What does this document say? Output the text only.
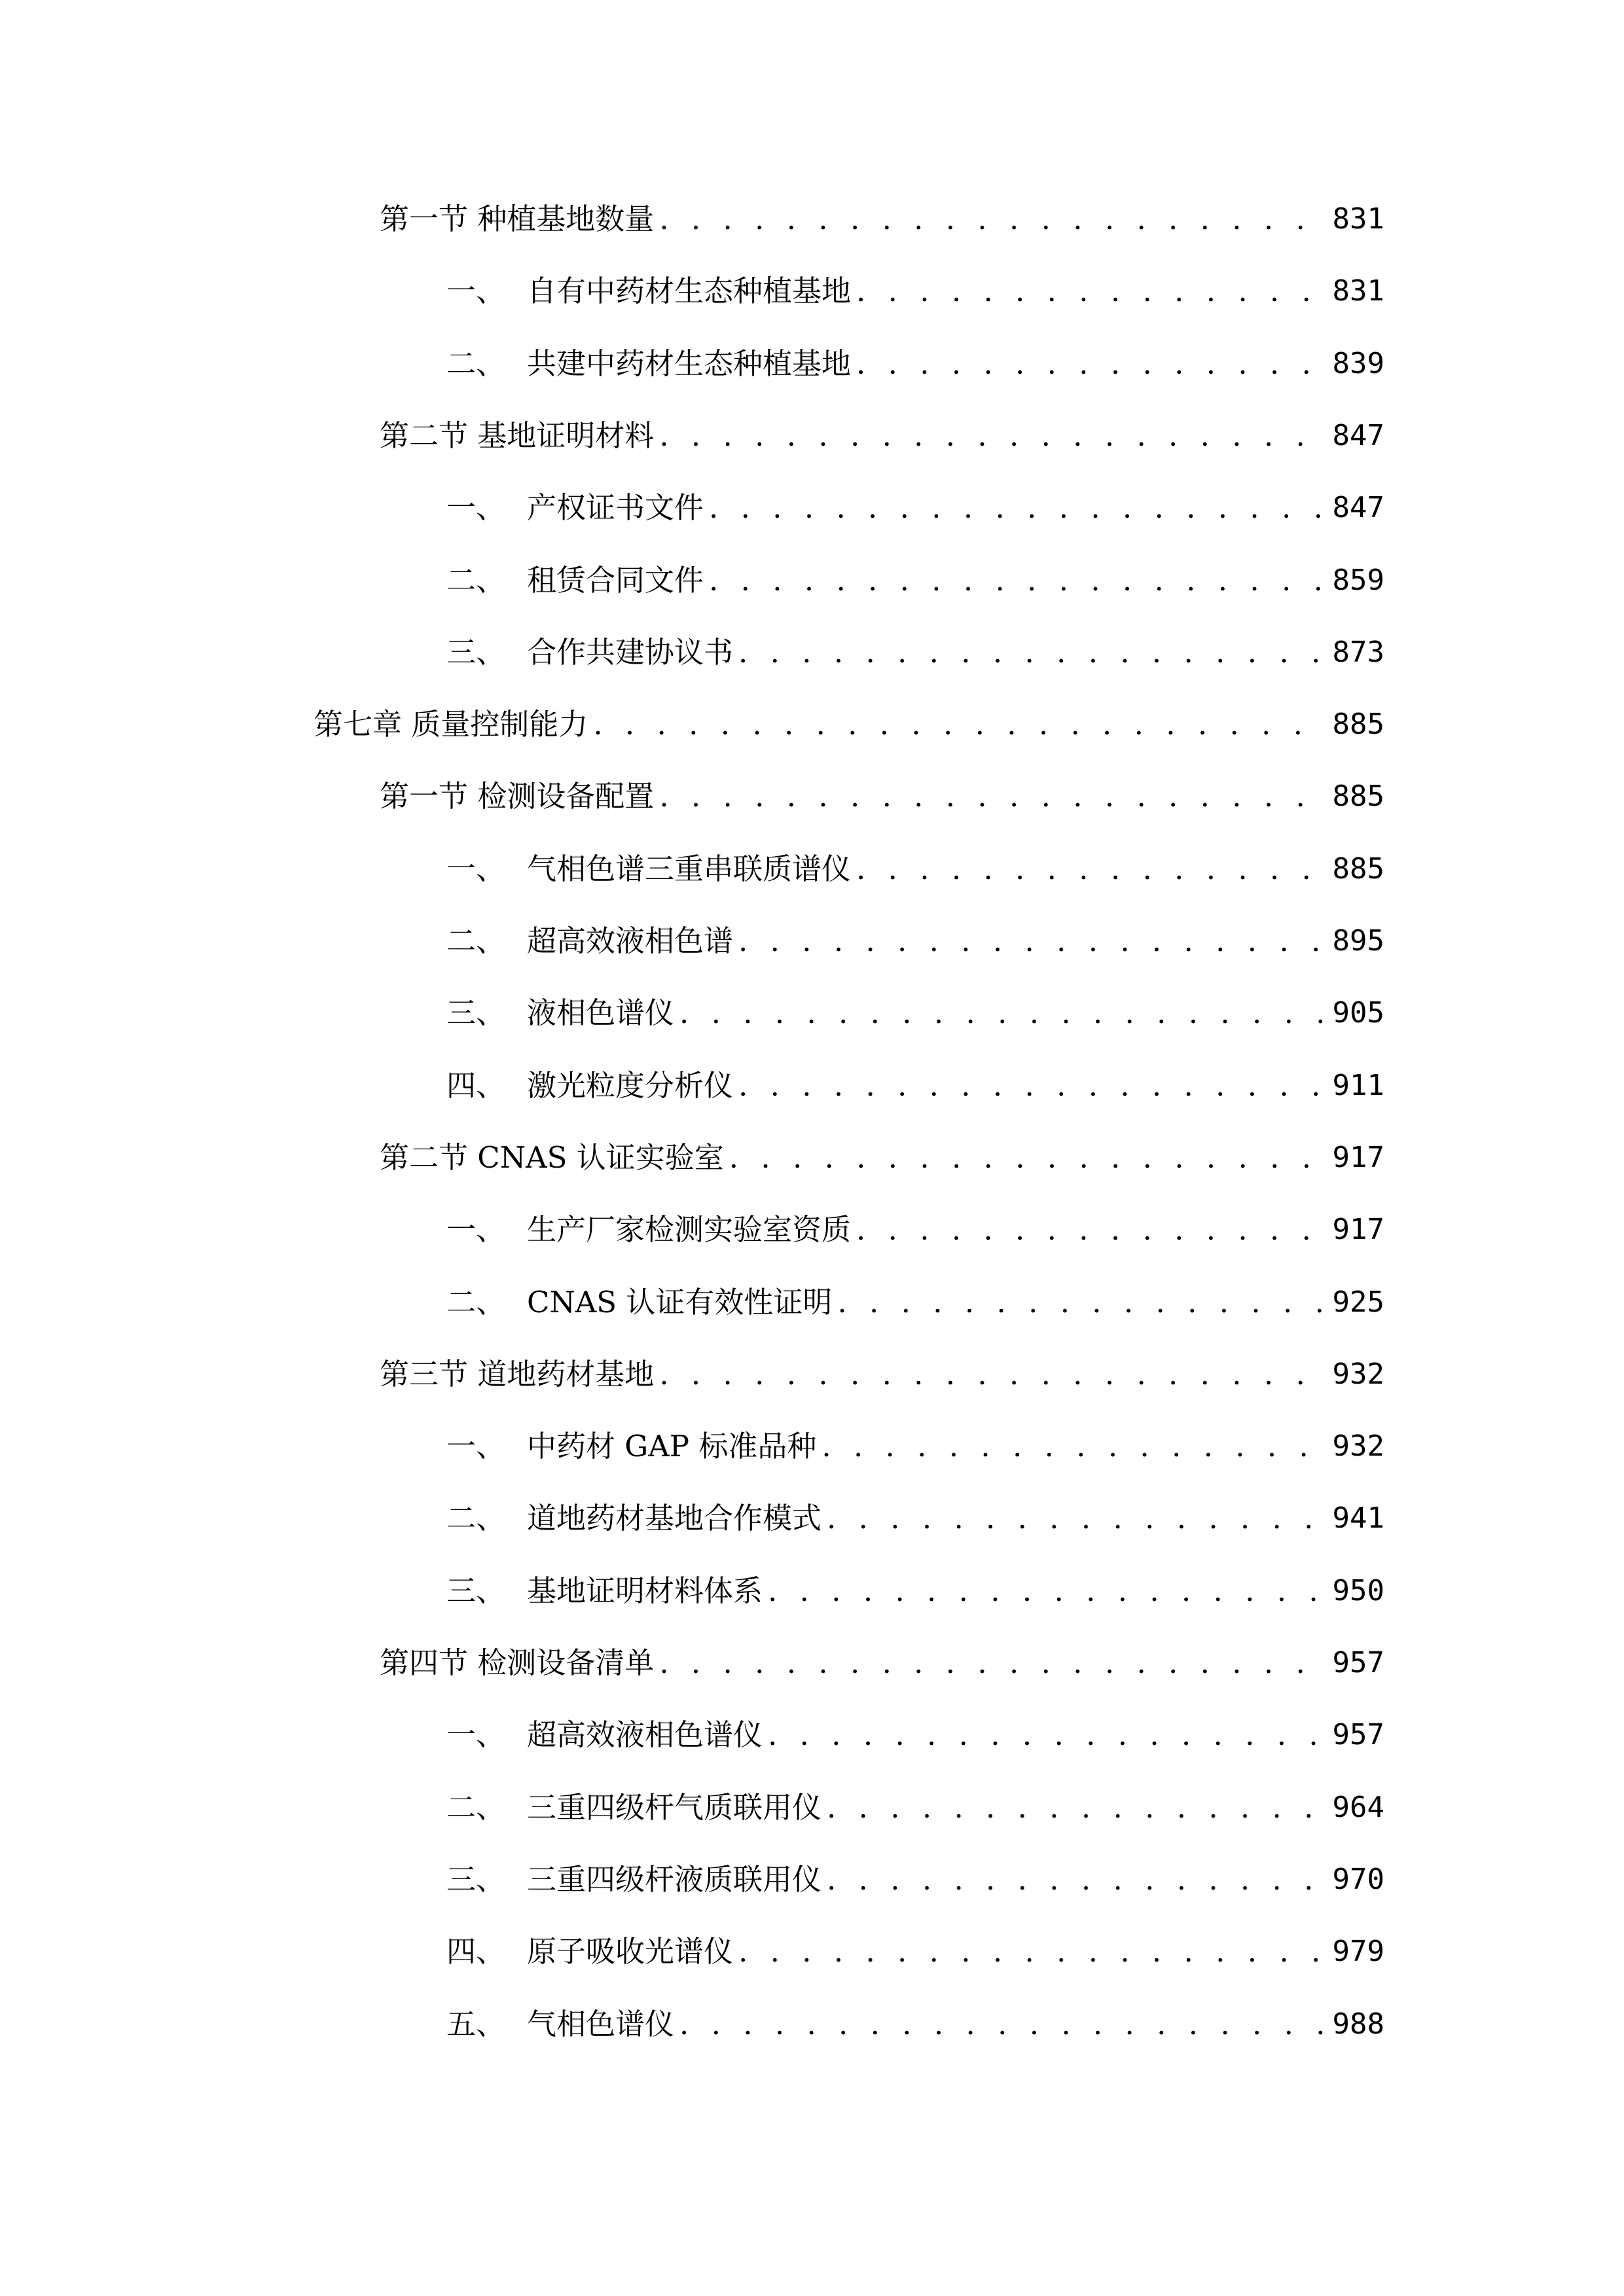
第一节 种植基地数量 . . .	831
一、 自有中药材生态种植基地 . . .	831
二、 共建中药材生态种植基地 . . .	839
第二节 基地证明材料 . . .	847
一、 产权证书文件 . . .	847
二、 租赁合同文件 . . .	859
三、 合作共建协议书 . . .	873
第七章 质量控制能力 . . .	885
第一节 检测设备配置 . . .	885
一、 气相色谱三重串联质谱仪 . . .	885
二、 超高效液相色谱 . . .	895
三、 液相色谱仪 . . .	905
四、 激光粒度分析仪 . . .	911
第二节 CNAS 认证实验室 . . .	917
一、 生产厂家检测实验室资质 . . .	917
二、 CNAS 认证有效性证明 . . .	925
第三节 道地药材基地 . . .	932
一、 中药材 GAP 标准品种 . . .	932
二、 道地药材基地合作模式 . . .	941
三、 基地证明材料体系 . . .	950
第四节 检测设备清单 . . .	957
一、 超高效液相色谱仪 . . .	957
二、 三重四级杆气质联用仪 . . .	964
三、 三重四级杆液质联用仪 . . .	970
四、 原子吸收光谱仪 . . .	979
五、 气相色谱仪 . . .	988
